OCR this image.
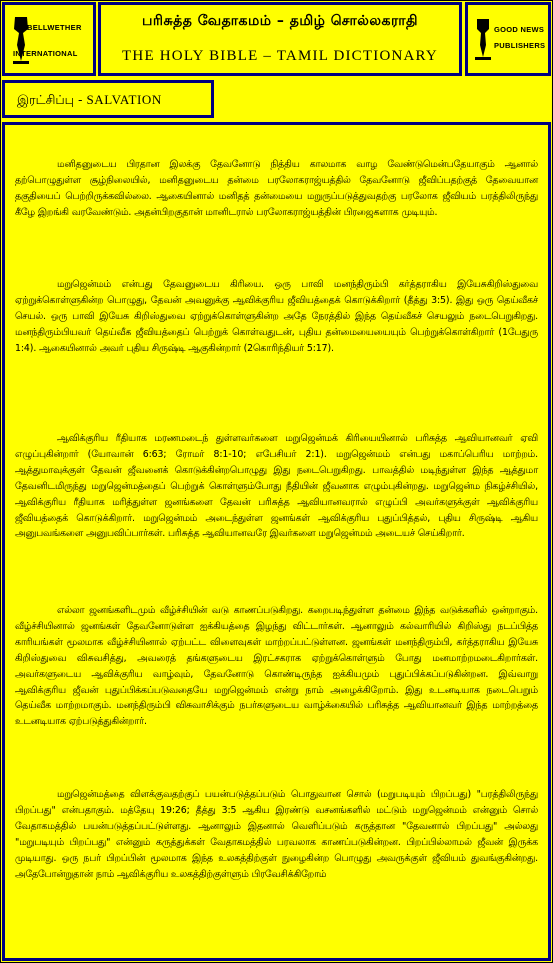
BELLWETHER
INTERNATIONAL
பரிசுத்த வேதாகமம் – தமிழ் சொல்லகராதி
THE HOLY BIBLE – TAMIL DICTIONARY
GOOD NEWS
PUBLISHERS
இரட்சிப்பு - SALVATION

மனிதனுடைய பிரதான இலக்கு தேவனோடு நித்திய காலமாக வாழ வேண்டுமென்பதேயாகும் ஆனால் தற்பொழுதுள்ள சூழ்நிலையில், மனிதனுடைய தன்மை பரலோகராஜ்யத்தில் தேவனோடு ஜீவிப்பதற்குத் தேவையான தகுதியைப் பெற்றிருக்கவில்லை. ஆகையினால் மனிதத் தன்மையை மறுருப்படுத்துவதற்கு பரலோக ஜீவியம் பரத்திலிருந்து கீழே இறங்கி வரவேண்டும். அதன்பிறகுதான் மானிடரால் பரலோகராஜ்யத்தின் பிரஜைகளாக முடியும்.

மறுஜென்மம் என்பது தேவனுடைய கிரியை. ஒரு பாவி மனந்திரும்பி கர்த்தராகிய இயேசுகிறிஸ்துவை ஏற்றுக்கொள்ளுகின்ற பொழுது, தேவன் அவனுக்கு ஆவிக்குரிய ஜீவியத்தைக் கொடுக்கிறார் (தீத்து 3:5). இது ஒரு தெய்வீகச் செயல். ஒரு பாவி இயேசு கிறிஸ்துவை ஏற்றுக்கொள்ளுகின்ற அதே நேரத்தில் இந்த தெய்வீகச் செயலும் நடைபெறுகிறது. மனந்திரும்பியவர் தெய்வீக ஜீவியத்தைப் பெற்றுக் கொள்வதுடன், புதிய தன்மையையையும் பெற்றுக்கொள்கிறார் (1பேதுரு 1:4). ஆகையினால் அவர் புதிய சிருஷ்டி ஆகுகின்றார் (2கொரிந்தியர் 5:17).

ஆவிக்குரிய ரீதியாக மரணமடைந் துள்ளவர்களை மறுஜென்மக் கிரியையினால் பரிசுத்த ஆவியானவர் ஏவி எழுப்புகின்றார் (யோவான் 6:63; ரோமர் 8:1-10; எபேசியர் 2:1). மறுஜென்மம் என்பது மகாப்பெரிய மாற்றம். ஆத்துமாவுக்குள் தேவன் ஜீவனைக் கொடுக்கின்றபொழுது இது நடைபெறுகிறது. பாவத்தில் மடிந்துள்ள இந்த ஆத்துமா தேவனிடமிருந்து மறுஜென்மத்தைப் பெற்றுக் கொள்ளும்போது நீதியின் ஜீவனாக எழும்புகின்றது. மறுஜென்ம நிகழ்ச்சியில், ஆவிக்குரிய ரீதியாக மரித்துள்ள ஜனங்களை தேவன் பரிசுத்த ஆவியானவரால் எழுப்பி அவர்களுக்குள் ஆவிக்குரிய ஜீவியத்தைக் கொடுக்கிறார். மறுஜென்மம் அடைந்துள்ள ஜனங்கள் ஆவிக்குரிய புதுப்பித்தல், புதிய சிருஷ்டி ஆகிய அனுபவங்களை அனுபவிப்பார்கள். பரிசுத்த ஆவியானவரே இவர்களை மறுஜென்மம் அடையச் செய்கிறார்.

எல்லா ஜனங்களிடமும் வீழ்ச்சியின் வடு காணப்படுகிறது. கறைபடிந்துள்ள தன்மை இந்த வடுக்களில் ஒன்றாகும். வீழ்ச்சியினால் ஜனங்கள் தேவனோடுள்ள ஐக்கியத்தை இழந்து விட்டார்கள். ஆனாலும் கல்வாரியில் கிறிஸ்து நடப்பித்த காரியங்கள் மூலமாக வீழ்ச்சியினால் ஏற்பட்ட விளைவுகள் மாற்றப்பட்டுள்ளன. ஜனங்கள் மனந்திரும்பி, கர்த்தராகிய இயேசு கிறிஸ்துவை விசுவசித்து, அவரைத் தங்களுடைய இரட்சகராக ஏற்றுக்கொள்ளும் போது மனமாற்றமடைகிறார்கள். அவர்களுடைய ஆவிக்குரிய வாழ்வும், தேவனோடு கொண்டிருந்த ஐக்கியமும் புதுப்பிக்கப்படுகின்றன. இவ்வாறு ஆவிக்குரிய ஜீவன் புதுப்பிக்கப்படுவதையே மறுஜென்மம் என்று நாம் அழைக்கிறோம். இது உடனடியாக நடைபெறும் தெய்வீக மாற்றமாகும். மனந்திரும்பி விசுவாசிக்கும் நபர்களுடைய வாழ்க்கையில் பரிசுத்த ஆவியானவர் இந்த மாற்றத்தை உடனடியாக ஏற்படுத்துகின்றார்.

மறுஜென்மத்தை விளக்குவதற்குப் பயன்படுத்தப்படும் பொதுவான சொல் (மறுபடியும் பிறப்பது) "பரத்திலிருந்து பிறப்பது" என்பதாகும். மத்தேயு 19:26; தீத்து 3:5 ஆகிய இரண்டு வசனங்களில் மட்டும் மறுஜென்மம் என்னும் சொல் வேதாகமத்தில் பயன்படுத்தப்பட்டுள்ளது. ஆனாலும் இதனால் வெளிப்படும் கருத்தான "தேவனால் பிறப்பது" அல்லது "மறுபடியும் பிறப்பது" என்னும் கருத்துக்கள் வேதாகமத்தில் பரவலாக காணப்படுகின்றன. பிறப்பில்லாமல் ஜீவன் இருக்க முடியாது. ஒரு நபர் பிறப்பின் மூலமாக இந்த உலகத்திற்குள் நுழைகின்ற பொழுது அவருக்குள் ஜீவியம் துவங்குகின்றது. அதேபோன்றுதான் நாம் ஆவிக்குரிய உலகத்திற்குள்ளும் பிரவேசிக்கிறோம்
